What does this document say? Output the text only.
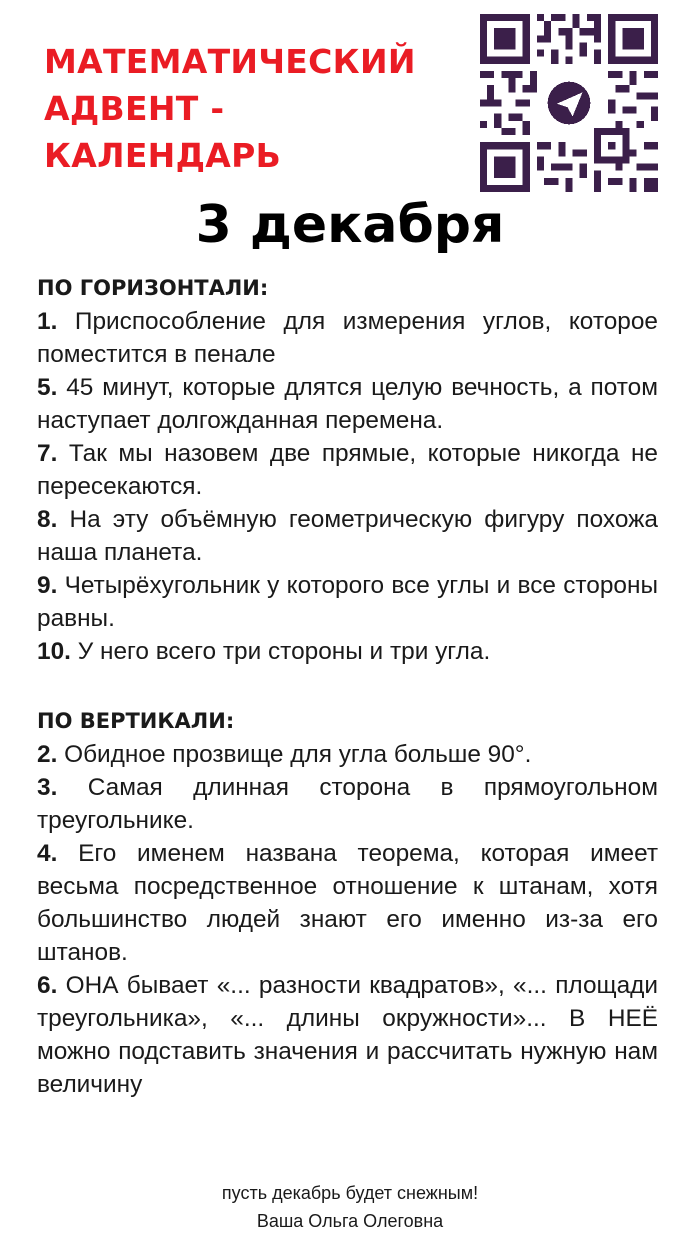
МАТЕМАТИЧЕСКИЙ
АДВЕНТ -
КАЛЕНДАРЬ
3 декабря
ПО ГОРИЗОНТАЛИ:

1. Приспособление для измерения углов, которое поместится в пенале

5. 45 минут, которые длятся целую вечность, а потом наступает долгожданная перемена.

7. Так мы назовем две прямые, которые никогда не пересекаются.

8. На эту объёмную геометрическую фигуру похожа наша планета.

9. Четырёхугольник у которого все углы и все стороны равны.

10. У него всего три стороны и три угла.

ПО ВЕРТИКАЛИ:

2. Обидное прозвище для угла больше 90°.

3. Самая длинная сторона в прямоугольном треугольнике.

4. Его именем названа теорема, которая имеет весьма посредственное отношение к штанам, хотя большинство людей знают его именно из-за его штанов.

6. ОНА бывает «... разности квадратов», «... площади треугольника», «... длины окружности»... В НЕЁ можно подставить значения и рассчитать нужную нам величину

пусть декабрь будет снежным!
Ваша Ольга Олеговна
